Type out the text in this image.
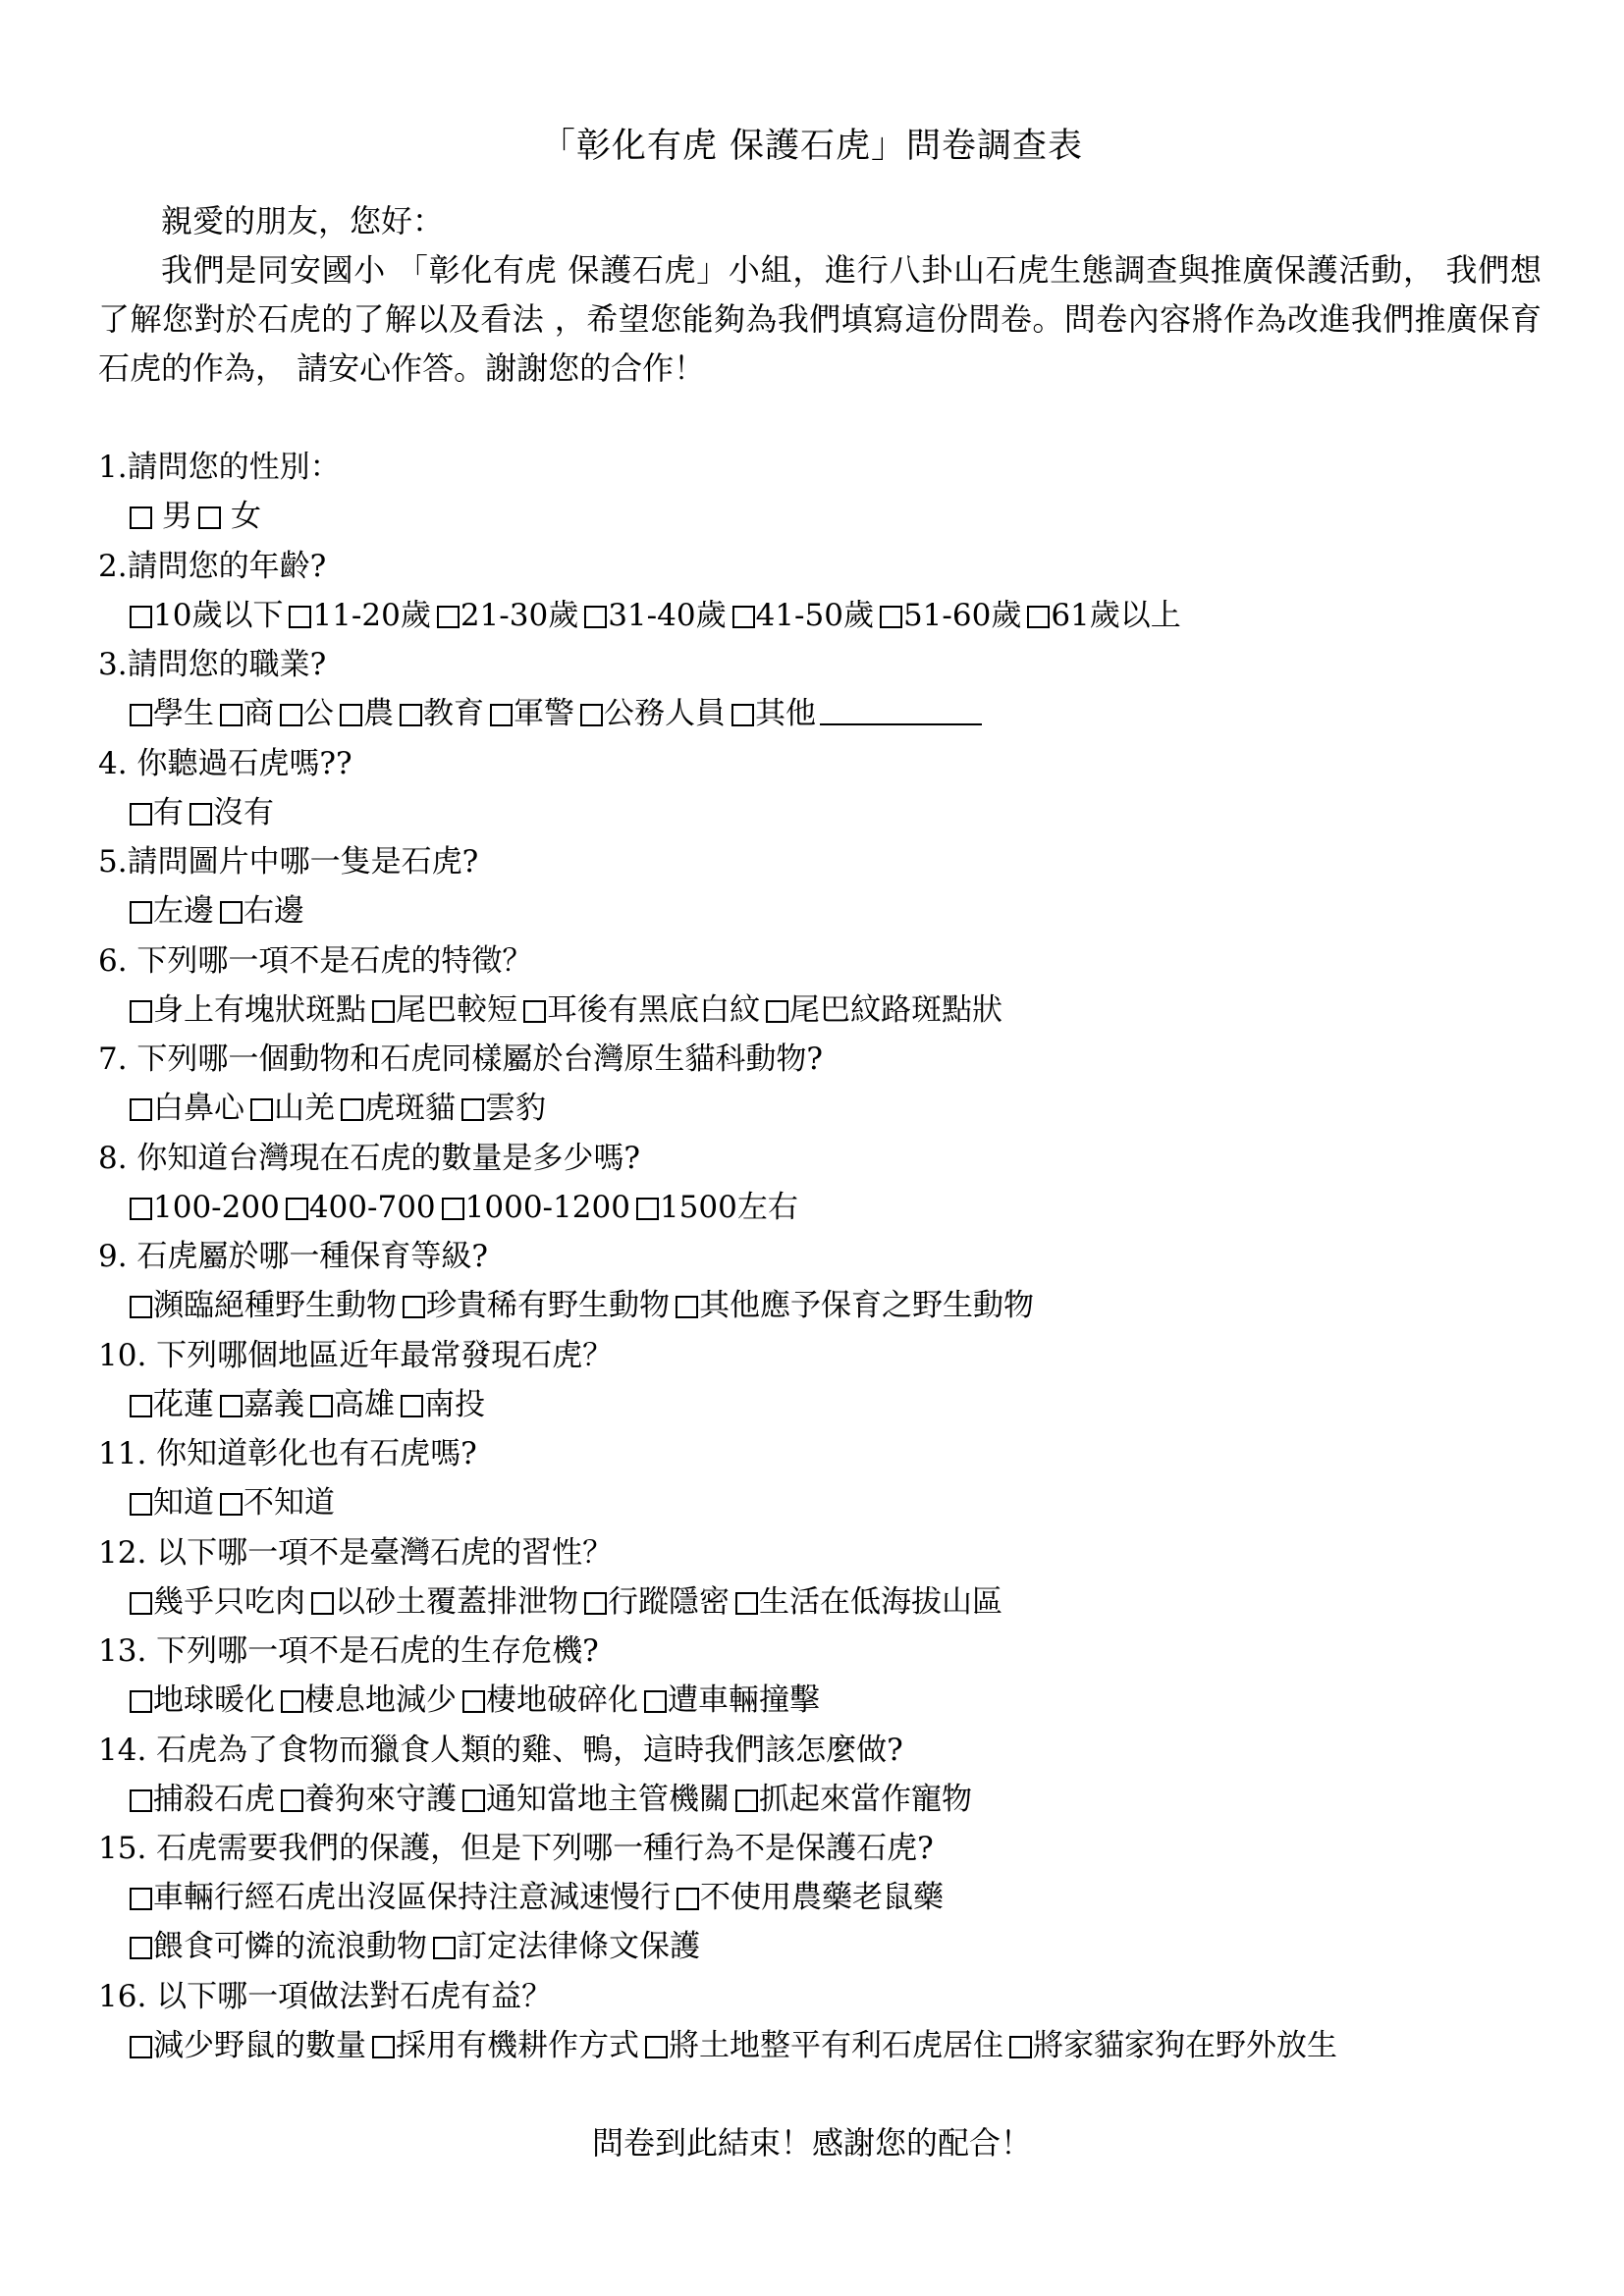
「彰化有虎 保護石虎」問卷調查表
親愛的朋友，您好：
我們是同安國小 「彰化有虎 保護石虎」小組，進行八卦山石虎生態調查與推廣保護活動， 我們想了解您對於石虎的了解以及看法 ，希望您能夠為我們填寫這份問卷。問卷內容將作為改進我們推廣保育石虎的作為， 請安心作答。謝謝您的合作！
1.請問您的性別：
男 女
2.請問您的年齡?
10歲以下 11-20歲 21-30歲 31-40歲 41-50歲 51-60歲 61歲以上
3.請問您的職業?
學生 商 公 農 教育 軍警 公務人員 其他
4. 你聽過石虎嗎??
有 沒有
5.請問圖片中哪一隻是石虎?
左邊 右邊
6. 下列哪一項不是石虎的特徵？
身上有塊狀斑點 尾巴較短 耳後有黑底白紋 尾巴紋路斑點狀
7. 下列哪一個動物和石虎同樣屬於台灣原生貓科動物?
白鼻心 山羌 虎斑貓 雲豹
8. 你知道台灣現在石虎的數量是多少嗎?
100-200 400-700 1000-1200 1500左右
9. 石虎屬於哪一種保育等級?
瀕臨絕種野生動物 珍貴稀有野生動物 其他應予保育之野生動物
10. 下列哪個地區近年最常發現石虎？
花蓮 嘉義 高雄 南投
11. 你知道彰化也有石虎嗎?
知道 不知道
12. 以下哪一項不是臺灣石虎的習性？
幾乎只吃肉 以砂土覆蓋排泄物 行蹤隱密 生活在低海拔山區
13. 下列哪一項不是石虎的生存危機?
地球暖化 棲息地減少 棲地破碎化 遭車輛撞擊
14. 石虎為了食物而獵食人類的雞、鴨，這時我們該怎麼做?
捕殺石虎 養狗來守護 通知當地主管機關 抓起來當作寵物
15. 石虎需要我們的保護，但是下列哪一種行為不是保護石虎?
車輛行經石虎出沒區保持注意減速慢行 不使用農藥老鼠藥
餵食可憐的流浪動物 訂定法律條文保護
16. 以下哪一項做法對石虎有益？
減少野鼠的數量 採用有機耕作方式 將土地整平有利石虎居住 將家貓家狗在野外放生
問卷到此結束！感謝您的配合！
